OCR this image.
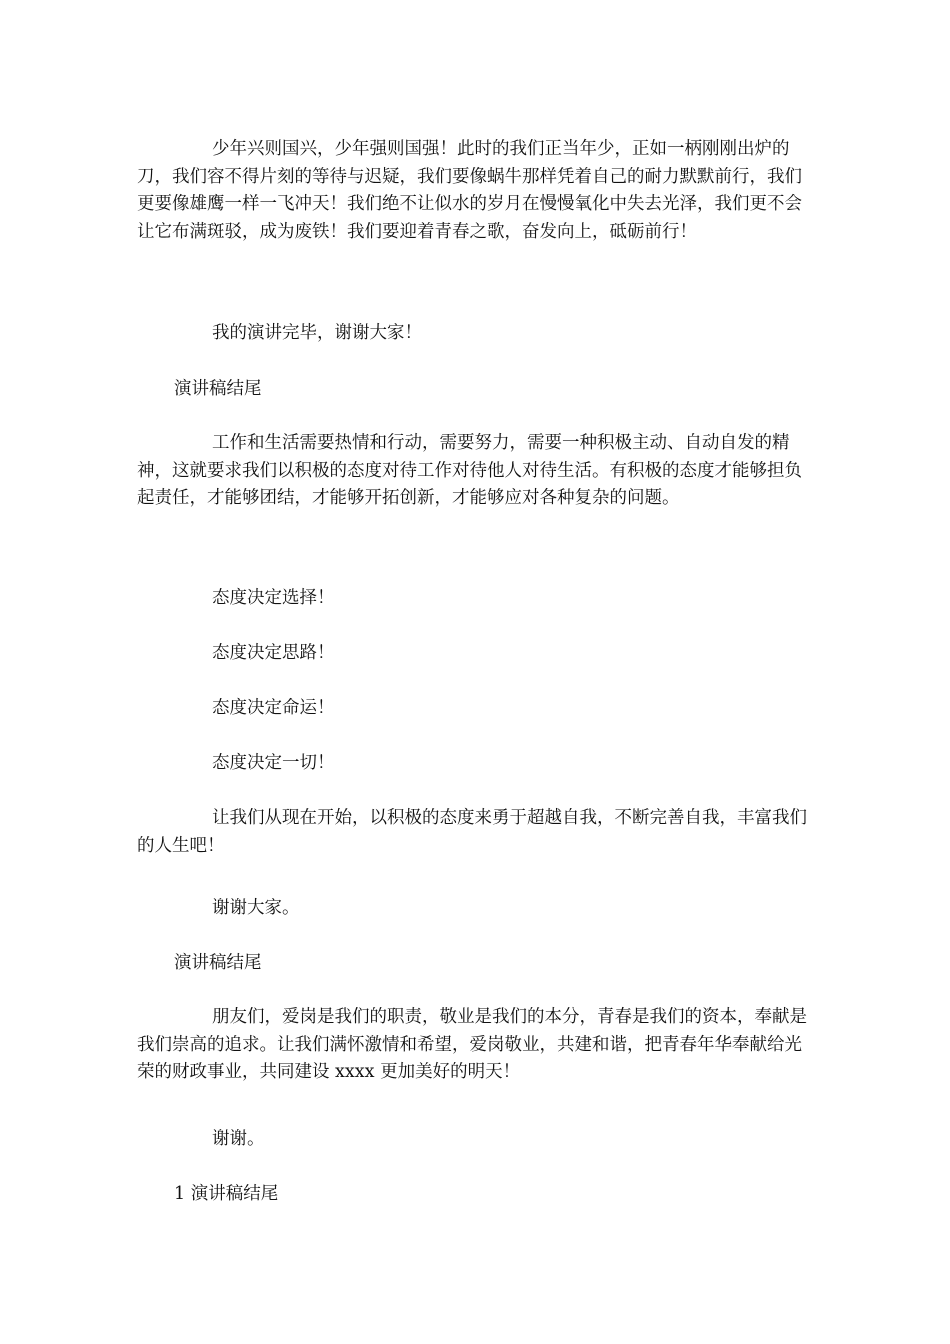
少年兴则国兴，少年强则国强！此时的我们正当年少，正如一柄刚刚出炉的刀，我们容不得片刻的等待与迟疑，我们要像蜗牛那样凭着自己的耐力默默前行，我们更要像雄鹰一样一飞冲天！我们绝不让似水的岁月在慢慢氧化中失去光泽，我们更不会让它布满斑驳，成为废铁！我们要迎着青春之歌，奋发向上，砥砺前行！

我的演讲完毕，谢谢大家！

演讲稿结尾

工作和生活需要热情和行动，需要努力，需要一种积极主动、自动自发的精神，这就要求我们以积极的态度对待工作对待他人对待生活。有积极的态度才能够担负起责任，才能够团结，才能够开拓创新，才能够应对各种复杂的问题。

态度决定选择！

态度决定思路！

态度决定命运！

态度决定一切！

让我们从现在开始，以积极的态度来勇于超越自我，不断完善自我，丰富我们的人生吧！

谢谢大家。

演讲稿结尾

朋友们，爱岗是我们的职责，敬业是我们的本分，青春是我们的资本，奉献是我们崇高的追求。让我们满怀激情和希望，爱岗敬业，共建和谐，把青春年华奉献给光荣的财政事业，共同建设 xxxx 更加美好的明天！

谢谢。

1 演讲稿结尾
